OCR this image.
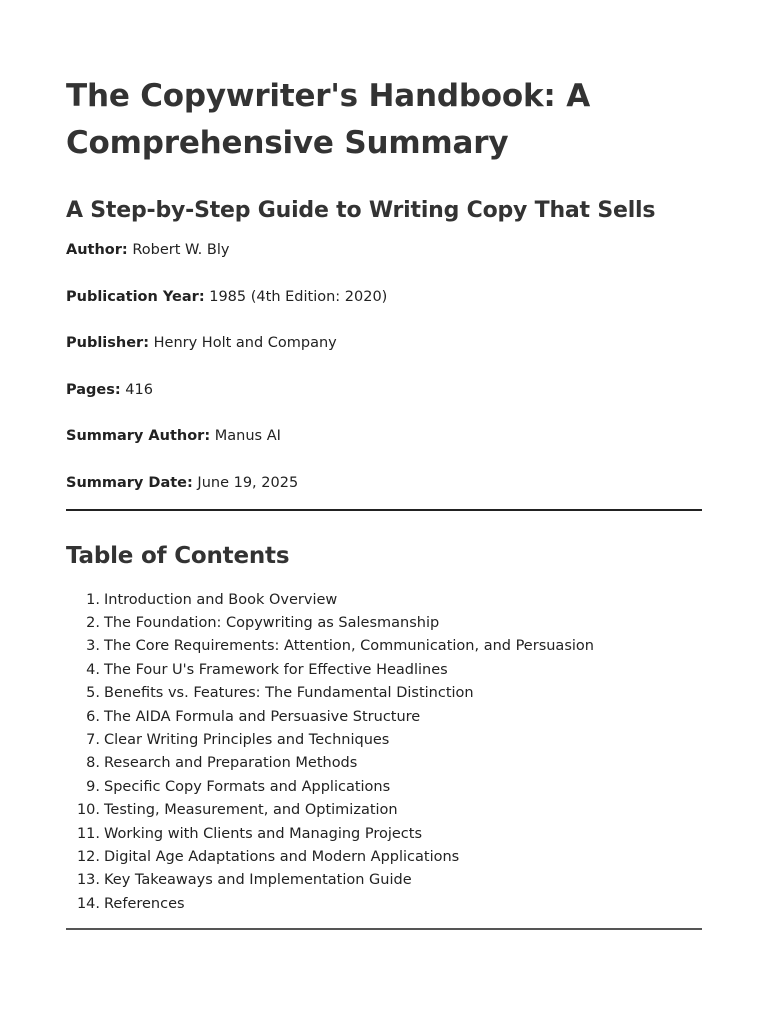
The Copywriter's Handbook: A Comprehensive Summary
A Step-by-Step Guide to Writing Copy That Sells

Author: Robert W. Bly

Publication Year: 1985 (4th Edition: 2020)

Publisher: Henry Holt and Company

Pages: 416

Summary Author: Manus AI

Summary Date: June 19, 2025

Table of Contents
1. Introduction and Book Overview
2. The Foundation: Copywriting as Salesmanship
3. The Core Requirements: Attention, Communication, and Persuasion
4. The Four U's Framework for Effective Headlines
5. Benefits vs. Features: The Fundamental Distinction
6. The AIDA Formula and Persuasive Structure
7. Clear Writing Principles and Techniques
8. Research and Preparation Methods
9. Specific Copy Formats and Applications
10. Testing, Measurement, and Optimization
11. Working with Clients and Managing Projects
12. Digital Age Adaptations and Modern Applications
13. Key Takeaways and Implementation Guide
14. References
